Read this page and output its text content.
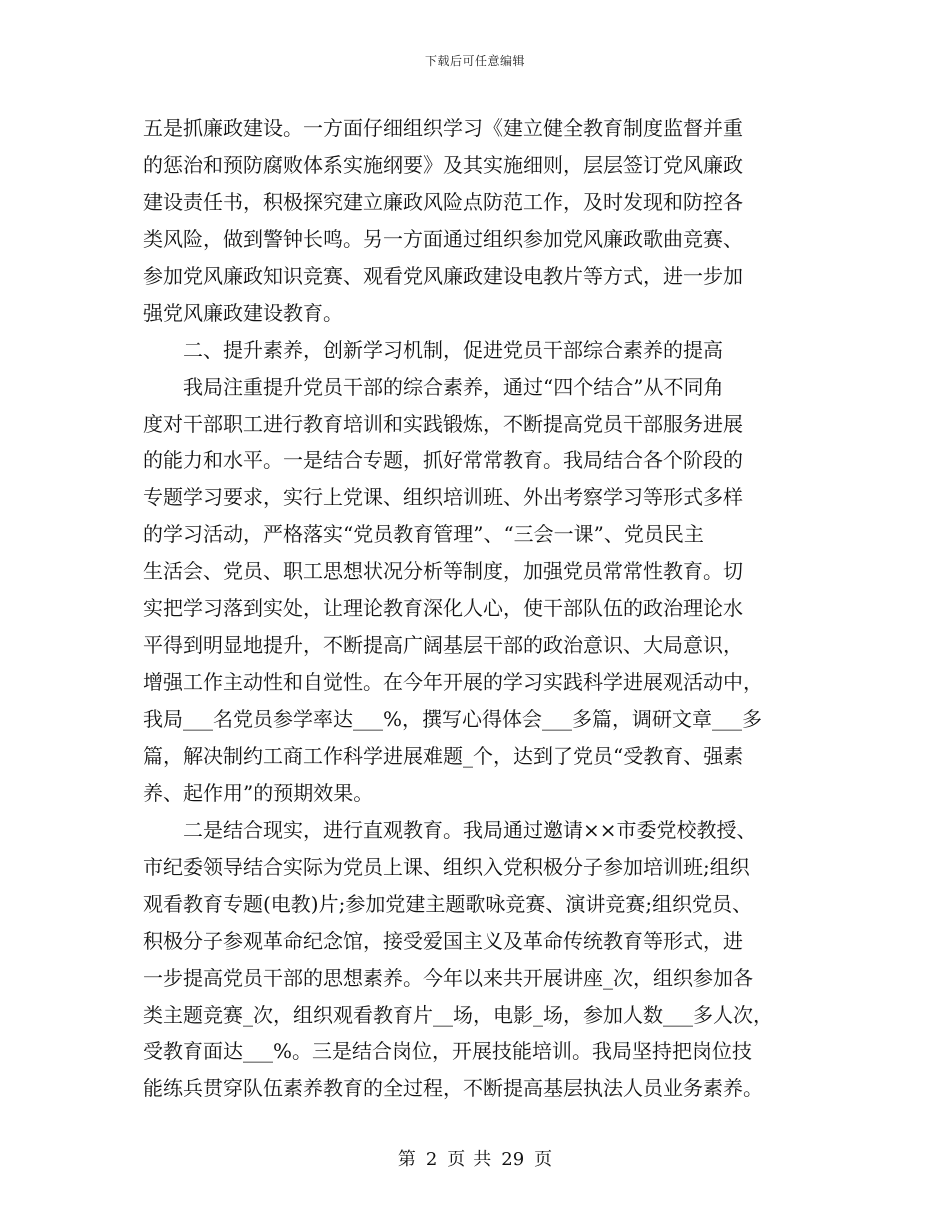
下载后可任意编辑
五是抓廉政建设。一方面仔细组织学习《建立健全教育制度监督并重
的惩治和预防腐败体系实施纲要》及其实施细则，层层签订党风廉政
建设责任书，积极探究建立廉政风险点防范工作，及时发现和防控各
类风险，做到警钟长鸣。另一方面通过组织参加党风廉政歌曲竞赛、
参加党风廉政知识竞赛、观看党风廉政建设电教片等方式，进一步加
强党风廉政建设教育。
　　二、提升素养，创新学习机制，促进党员干部综合素养的提高
　　我局注重提升党员干部的综合素养，通过“四个结合”从不同角
度对干部职工进行教育培训和实践锻炼，不断提高党员干部服务进展
的能力和水平。一是结合专题，抓好常常教育。我局结合各个阶段的
专题学习要求，实行上党课、组织培训班、外出考察学习等形式多样
的学习活动，严格落实“党员教育管理”、“三会一课”、党员民主
生活会、党员、职工思想状况分析等制度，加强党员常常性教育。切
实把学习落到实处，让理论教育深化人心，使干部队伍的政治理论水
平得到明显地提升，不断提高广阔基层干部的政治意识、大局意识，
增强工作主动性和自觉性。在今年开展的学习实践科学进展观活动中，
我局___名党员参学率达___%，撰写心得体会___多篇，调研文章___多
篇，解决制约工商工作科学进展难题_个，达到了党员“受教育、强素
养、起作用”的预期效果。
　　二是结合现实，进行直观教育。我局通过邀请××市委党校教授、
市纪委领导结合实际为党员上课、组织入党积极分子参加培训班;组织
观看教育专题(电教)片;参加党建主题歌咏竞赛、演讲竞赛;组织党员、
积极分子参观革命纪念馆，接受爱国主义及革命传统教育等形式，进
一步提高党员干部的思想素养。今年以来共开展讲座_次，组织参加各
类主题竞赛_次，组织观看教育片__场，电影_场，参加人数___多人次，
受教育面达___%。三是结合岗位，开展技能培训。我局坚持把岗位技
能练兵贯穿队伍素养教育的全过程，不断提高基层执法人员业务素养。
第 2 页 共 29 页
